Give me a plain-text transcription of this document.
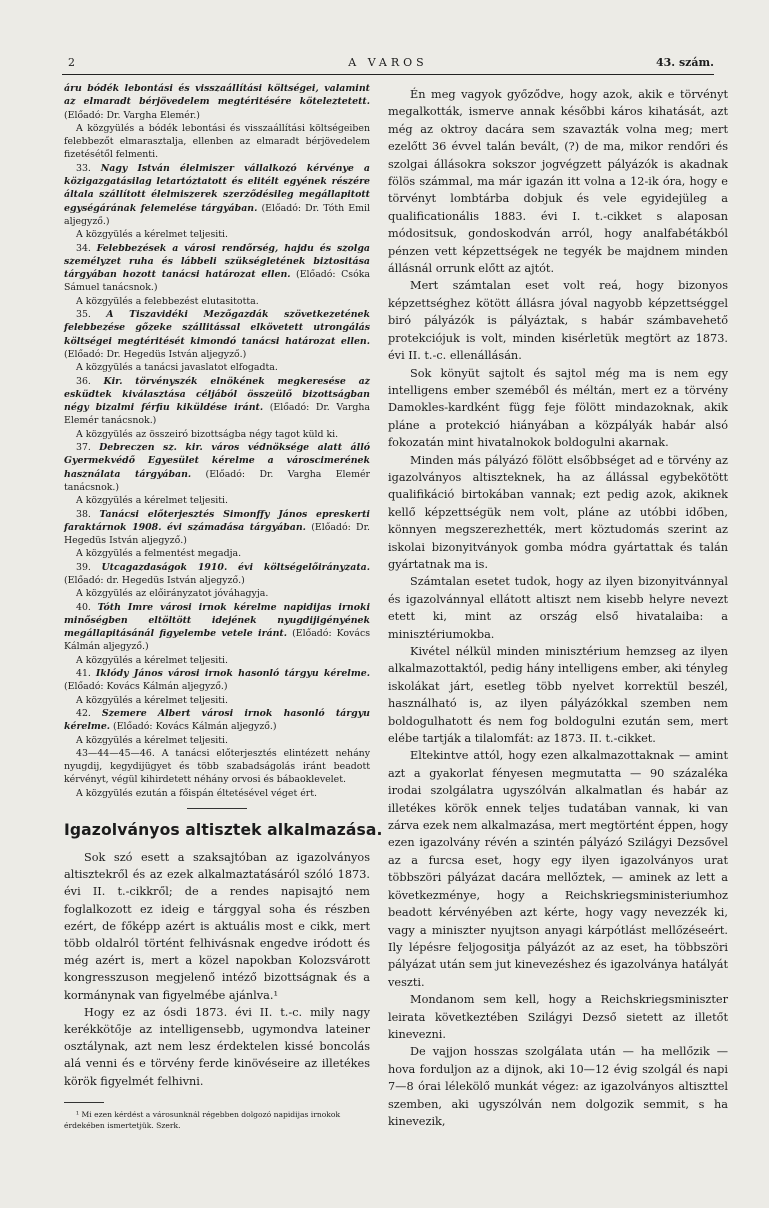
2	A VAROS	43. szám.

áru bódék lebontási és visszaállítási költségei, valamint az elmaradt bérjövedelem megtéritésére kötelezt​etett. (Előadó: Dr. Vargha Elemér.)

A közgyülés a bódék lebontási és visszaállítási költségeiben felebbezőt elmarasztalja, ellenben az elmaradt bérjövedelem fizetésétől felmenti.

33. Nagy István élelmiszer vállalkozó kérvénye a közigazgatásilag letartóztatott és elitélt egyének részére általa szállított élelmiszerek szerződésileg megállapitott egységárának felemelése tárgyában. (Előadó: Dr. Tóth Emil aljegyző.)

A közgyülés a kérelmet teljesiti.

34. Felebbezések a városi rendőrség, hajdu és szolga személyzet ruha és lábbeli szükségletének biztositása tárgyában hozott tanácsi határozat ellen. (Előadó: Csóka Sámuel tanácsnok.)

A közgyülés a felebbezést elutasitotta.

35. A Tiszavidéki Mezőgazdák szövetkezetének felebbezése gőzeke szállitással elkövetett utrongálás költségei megtéritését kimondó tanácsi határozat ellen. (Előadó: Dr. Hegedüs István aljegyző.)

A közgyülés a tanácsi javaslatot elfogadta.

36. Kir. törvényszék elnökének megkeresése az esküdtek kiválasztása céljából összeülő bizottságban négy bizalmi férfiu kiküldése iránt. (Előadó: Dr. Vargha Elemér tanácsnok.)

A közgyülés az összeiró bizottságba négy tagot küld ki.

37. Debreczen sz. kir. város védnöksége alatt álló Gyermekvédő Egyesület kérelme a városcimerének használata tárgyában. (Előadó: Dr. Vargha Elemér tanácsnok.)

A közgyülés a kérelmet teljesiti.

38. Tanácsi előterjesztés Simonffy János epreskerti faraktárnok 1908. évi számadása tárgyában. (Előadó: Dr. Hegedüs István aljegyző.)

A közgyülés a felmentést megadja.

39. Utcagazdaságok 1910. évi költségelőirányzata. (Előadó: dr. Hegedüs István aljegyző.)

A közgyülés az előirányzatot jóváhagyja.

40. Tóth Imre városi irnok kérelme napidijas irnoki minőségben eltöltött idejének nyugdijigényének megállapitásánál figyelembe vetele iránt. (Előadó: Kovács Kálmán aljegyző.)

A közgyülés a kérelmet teljesiti.

41. Iklódy János városi irnok hasonló tárgyu kérelme. (Előadó: Kovács Kálmán aljegyző.)

A közgyülés a kérelmet teljesiti.

42. Szemere Albert városi irnok hasonló tárgyu kérelme. (Előadó: Kovács Kálmán aljegyző.)

A közgyülés a kérelmet teljesiti.

43—44—45—46. A tanácsi előterjesztés elintézett nehány nyugdij, kegydijügyet és több szabadságolás iránt beadott kérvényt, végül kihirdetett néhány orvosi és bábaoklevelet.

A közgyülés ezután a főispán éltetésével véget ért.

Igazolványos altisztek alkalmazása.

Sok szó esett a szaksajtóban az igazolványos altisztekről és az ezek alkalmaztatásáról szóló 1873. évi II. t.-cikkről; de a rendes napisajtó nem foglalkozott ez ideig e tárggyal soha és részben ezért, de főképp azért is aktuális most e cikk, mert több oldalról történt felhivásnak engedve iródott és még azért is, mert a közel napokban Kolozsvárott kongresszuson megjelenő intéző bizottságnak és a kormánynak van figyelmébe ajánlva.¹

Hogy ez az ósdi 1873. évi II. t.-c. mily nagy kerékkötője az intelligensebb, ugymondva lateiner osztálynak, azt nem lesz érdektelen kissé boncolás alá venni és e törvény ferde kinövéseire az illetékes körök figyelmét felhivni.

¹ Mi ezen kérdést a városunknál régebben dolgozó napidijas irnokok érdekében ismertetjük. Szerk.

Én meg vagyok győződve, hogy azok, akik e törvényt megalkották, ismerve annak későbbi káros kihatását, azt még az oktroy dacára sem szavazták volna meg; mert ezelőtt 36 évvel talán bevált, (?) de ma, mikor rendőri és szolgai állásokra sokszor jogvégzett pályázók is akadnak fölös számmal, ma már igazán itt volna a 12-ik óra, hogy e törvényt lombtárba dobjuk és vele egyidejüleg a qualificationális 1883. évi I. t.-cikket s alaposan módositsuk, gondoskodván arról, hogy analfabétákból pénzen vett képzettségek ne tegyék be majdnem minden állásnál orrunk előtt az ajtót.

Mert számtalan eset volt reá, hogy bizonyos képzettséghez kötött állásra jóval nagyobb képzettséggel biró pályázók is pályáztak, s habár számbavehető protekciójuk is volt, minden kisérletük megtört az 1873. évi II. t.-c. ellenállásán.

Sok könyüt sajtolt és sajtol még ma is nem egy intelligens ember szeméből és méltán, mert ez a törvény Damokles-kardként függ feje fölött mindazoknak, akik pláne a protekció hiányában a közpályák habár alsó fokozatán mint hivatalnokok boldogulni akarnak.

Minden más pályázó fölött elsőbbséget ad e törvény az igazolványos altiszteknek, ha az állással egybekötött qualifikáció birtokában vannak; ezt pedig azok, akiknek kellő képzettségük nem volt, pláne az utóbbi időben, könnyen megszerezhették, mert köztudomás szerint az iskolai bizonyitványok gomba módra gyártattak és talán gyártatnak ma is.

Számtalan esetet tudok, hogy az ilyen bizonyitvánnyal és igazolvánnyal ellátott altiszt nem kisebb helyre nevezt​etett ki, mint az ország első hivatalaiba: a minisztériumokba.

Kivétel nélkül minden minisztérium hemzseg az ilyen alkalmazottaktól, pedig hány intelligens ember, aki tényleg iskolákat járt, esetleg több nyelvet korrektül beszél, használható is, az ilyen pályázókkal szemben nem boldogulhatott és nem fog boldogulni ezután sem, mert elébe tartják a tilalomfát: az 1873. II. t.-cikket.

Eltekintve attól, hogy ezen alkalmazottaknak — amint azt a gyakorlat fényesen megmutatta — 90 százaléka irodai szolgálatra ugyszólván alkalmatlan és habár az illetékes körök ennek teljes tudatában vannak, ki van zárva ezek nem alkalmazása, mert megtörtént éppen, hogy ezen igazolvány révén a szintén pályázó Szilágyi Dezsővel az a furcsa eset, hogy egy ilyen igazolványos urat többszöri pályázat dacára mellőztek, — aminek az lett a következménye, hogy a Reichskriegsministeriumhoz beadott kérvényében azt kérte, hogy vagy nevezzék ki, vagy a miniszter nyujtson anyagi kárpótlást mellőzéseért. Ily lépésre feljogositja pályázót az az eset, ha többszöri pályázat után sem jut kinevezéshez és igazolványa hatályát veszti.

Mondanom sem kell, hogy a Reichskriegsminiszter leirata következtében Szilágyi Dezső sietett az illetőt kinevezni.

De vajjon hosszas szolgálata után — ha mellőzik — hova forduljon az a dijnok, aki 10—12 évig szolgál és napi 7—8 órai lélekölő munkát végez: az igazolványos altiszttel szemben, aki ugyszólván nem dolgozik semmit, s ha kinevezik,
